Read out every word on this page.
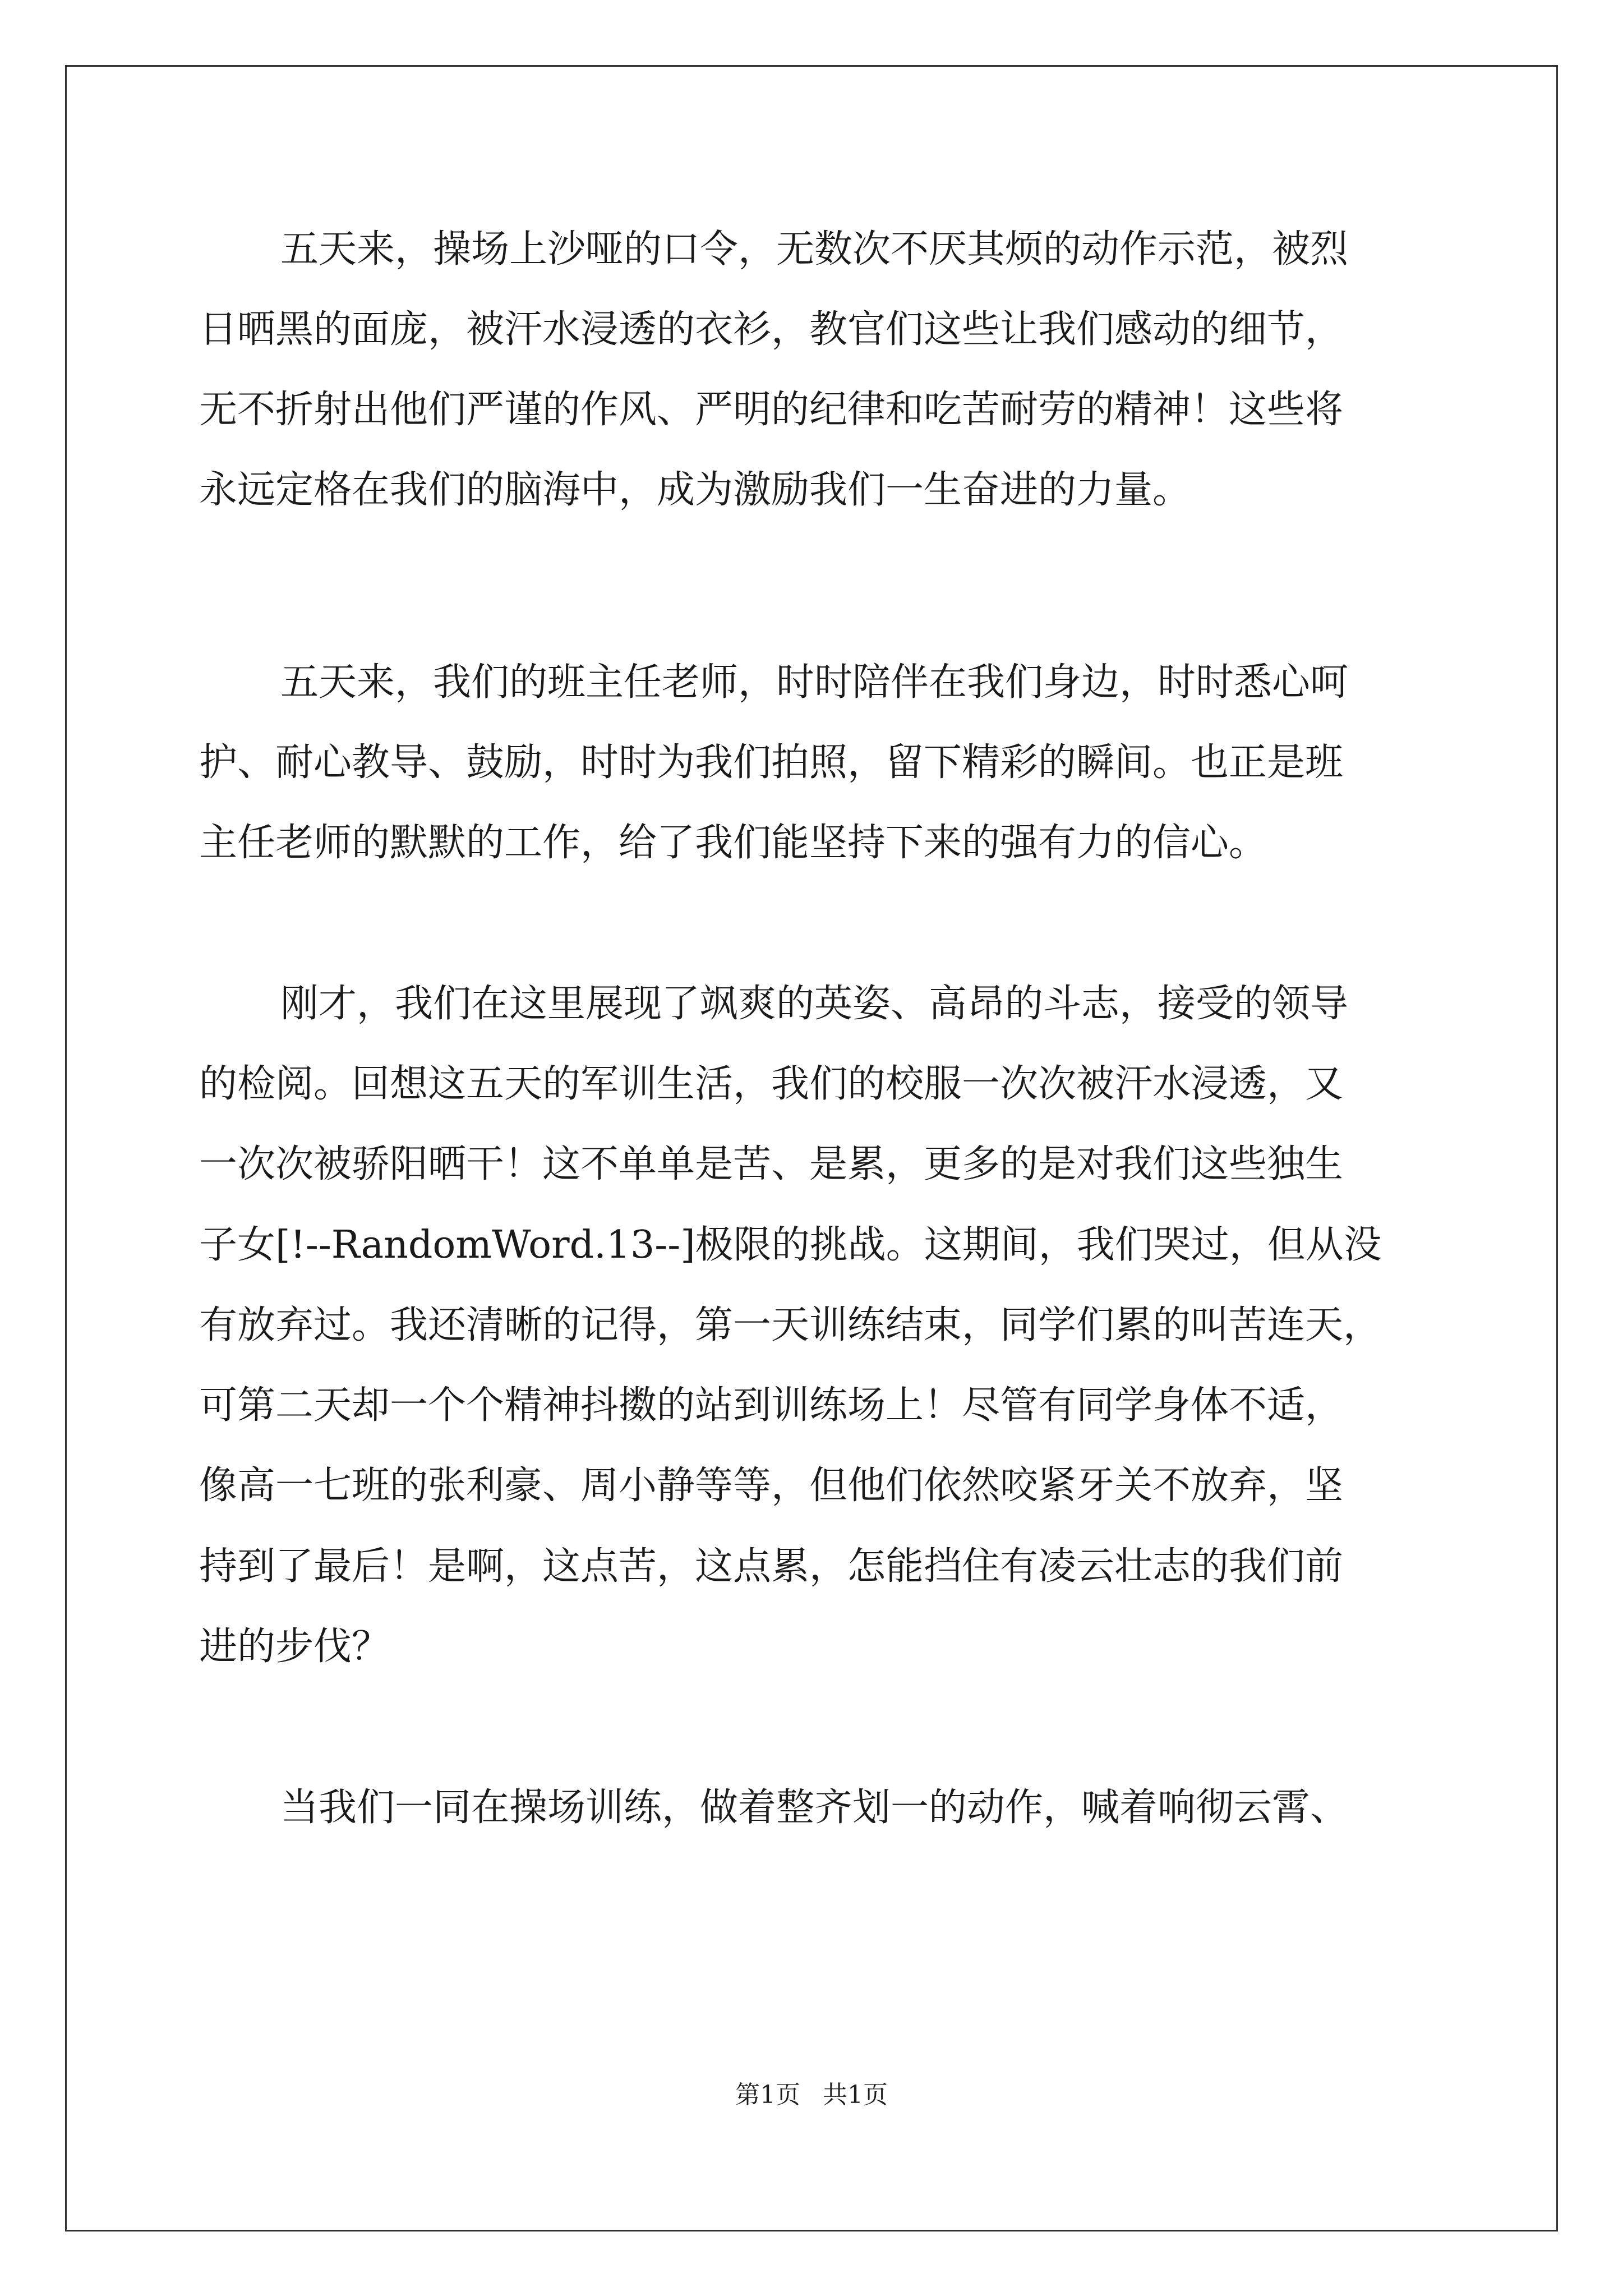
五天来，操场上沙哑的口令，无数次不厌其烦的动作示范，被烈
日晒黑的面庞，被汗水浸透的衣衫，教官们这些让我们感动的细节，
无不折射出他们严谨的作风、严明的纪律和吃苦耐劳的精神！这些将
永远定格在我们的脑海中，成为激励我们一生奋进的力量。
五天来，我们的班主任老师，时时陪伴在我们身边，时时悉心呵
护、耐心教导、鼓励，时时为我们拍照，留下精彩的瞬间。也正是班
主任老师的默默的工作，给了我们能坚持下来的强有力的信心。
刚才，我们在这里展现了飒爽的英姿、高昂的斗志，接受的领导
的检阅。回想这五天的军训生活，我们的校服一次次被汗水浸透，又
一次次被骄阳晒干！这不单单是苦、是累，更多的是对我们这些独生
子女[!--RandomWord.13--]极限的挑战。这期间，我们哭过，但从没
有放弃过。我还清晰的记得，第一天训练结束，同学们累的叫苦连天，
可第二天却一个个精神抖擞的站到训练场上！尽管有同学身体不适，
像高一七班的张利豪、周小静等等，但他们依然咬紧牙关不放弃，坚
持到了最后！是啊，这点苦，这点累，怎能挡住有凌云壮志的我们前
进的步伐？
当我们一同在操场训练，做着整齐划一的动作，喊着响彻云霄、
第1页 共1页
